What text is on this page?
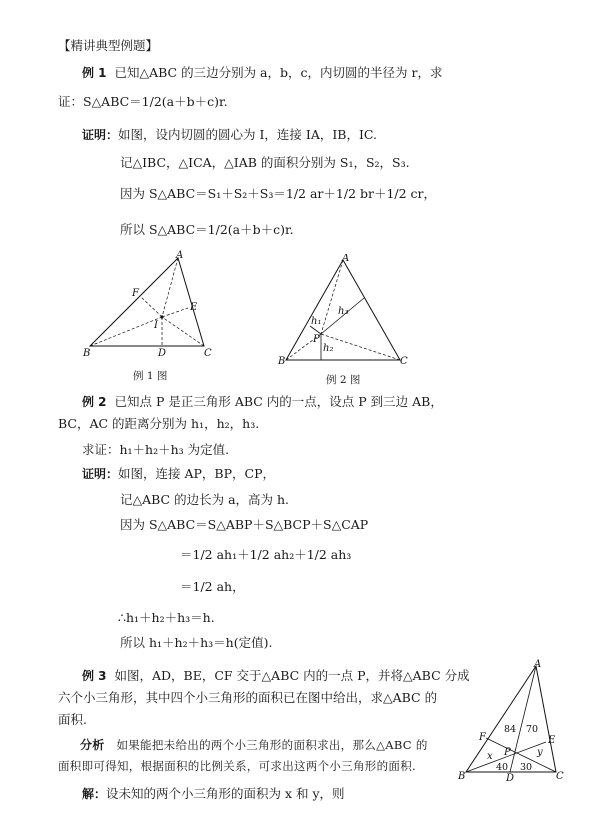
【精讲典型例题】
例 1 已知△ABC 的三边分别为 a，b，c，内切圆的半径为 r，求
证：S△ABC＝1/2(a＋b＋c)r.
证明：如图，设内切圆的圆心为 I，连接 IA，IB，IC.
记△IBC，△ICA，△IAB 的面积分别为 S₁，S₂，S₃.
因为 S△ABC＝S₁＋S₂＋S₃＝1/2 ar＋1/2 br＋1/2 cr，
所以 S△ABC＝1/2(a＋b＋c)r.
A
B	C
D
E
F
I
例 1 图
A
B	C
P
h₁
h₂
h₃
例 2 图
例 2 已知点 P 是正三角形 ABC 内的一点，设点 P 到三边 AB，
BC，AC 的距离分别为 h₁，h₂，h₃.
求证：h₁＋h₂＋h₃ 为定值.
证明：如图，连接 AP，BP，CP，
记△ABC 的边长为 a，高为 h.
因为 S△ABC＝S△ABP＋S△BCP＋S△CAP
＝1/2 ah₁＋1/2 ah₂＋1/2 ah₃
＝1/2 ah，
∴h₁＋h₂＋h₃＝h.
所以 h₁＋h₂＋h₃＝h(定值).
例 3 如图，AD，BE，CF 交于△ABC 内的一点 P，并将△ABC 分成
六个小三角形，其中四个小三角形的面积已在图中给出，求△ABC 的
面积.
分析 如果能把未给出的两个小三角形的面积求出，那么△ABC 的
面积即可得知，根据面积的比例关系，可求出这两个小三角形的面积.
解：设未知的两个小三角形的面积为 x 和 y，则
A
B	C
D
E
F
P
x	y
84 70
40 30
